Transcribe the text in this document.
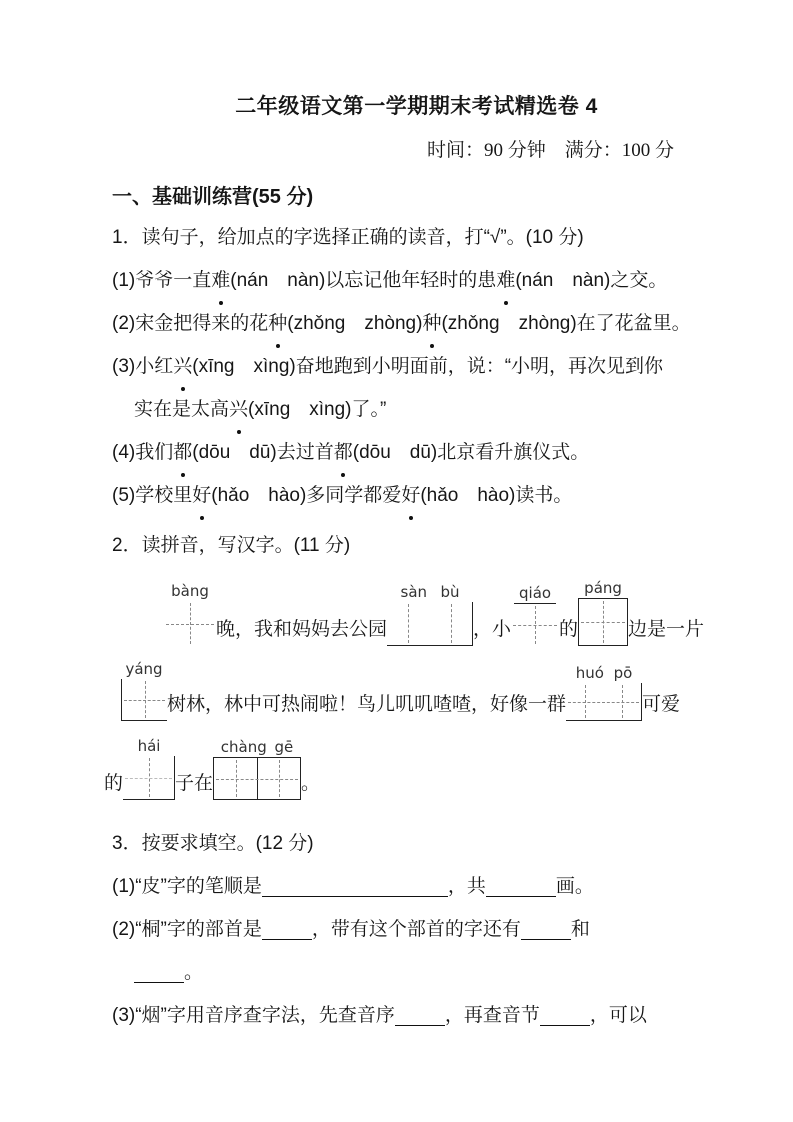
二年级语文第一学期期末考试精选卷 4
时间：90 分钟　满分：100 分
一、基础训练营(55 分)
1．读句子，给加点的字选择正确的读音，打“√”。(10 分)
(1)爷爷一直难(nán　nàn)以忘记他年轻时的患难(nán　nàn)之交。
(2)宋金把得来的花种(zhǒng　zhòng)种(zhǒng　zhòng)在了花盆里。
(3)小红兴(xīng　xìng)奋地跑到小明面前，说：“小明，再次见到你
实在是太高兴(xīng　xìng)了。”
(4)我们都(dōu　dū)去过首都(dōu　dū)北京看升旗仪式。
(5)学校里好(hǎo　hào)多同学都爱好(hǎo　hào)读书。
2．读拼音，写汉字。(11 分)
bàng
晚，我和妈妈去公园
sàn bù
，小
qiáo
的
páng
边是一片
yáng
树林，林中可热闹啦！鸟儿叽叽喳喳，好像一群
huó pō
可爱
的
hái
子在
chàng gē
。
3．按要求填空。(12 分)
(1)“皮”字的笔顺是	，共	画。
(2)“桐”字的部首是	，带有这个部首的字还有	和
。
(3)“烟”字用音序查字法，先查音序	，再查音节	，可以
